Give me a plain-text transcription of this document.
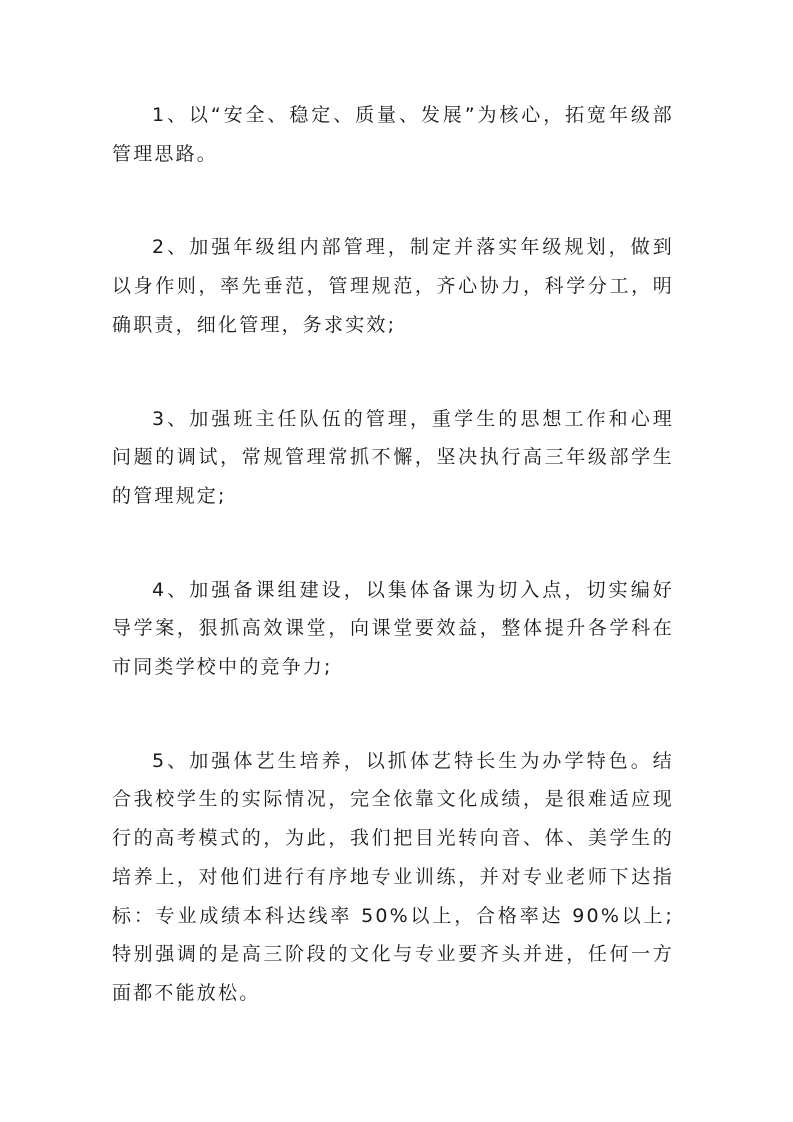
1、以“安全、稳定、质量、发展”为核心，拓宽年级部管理思路。

2、加强年级组内部管理，制定并落实年级规划，做到以身作则，率先垂范，管理规范，齐心协力，科学分工，明确职责，细化管理，务求实效;

3、加强班主任队伍的管理，重学生的思想工作和心理问题的调试，常规管理常抓不懈，坚决执行高三年级部学生的管理规定;

4、加强备课组建设，以集体备课为切入点，切实编好导学案，狠抓高效课堂，向课堂要效益，整体提升各学科在市同类学校中的竞争力;

5、加强体艺生培养，以抓体艺特长生为办学特色。结合我校学生的实际情况，完全依靠文化成绩，是很难适应现行的高考模式的，为此，我们把目光转向音、体、美学生的培养上，对他们进行有序地专业训练，并对专业老师下达指标：专业成绩本科达线率 50%以上，合格率达 90%以上;特别强调的是高三阶段的文化与专业要齐头并进，任何一方面都不能放松。
